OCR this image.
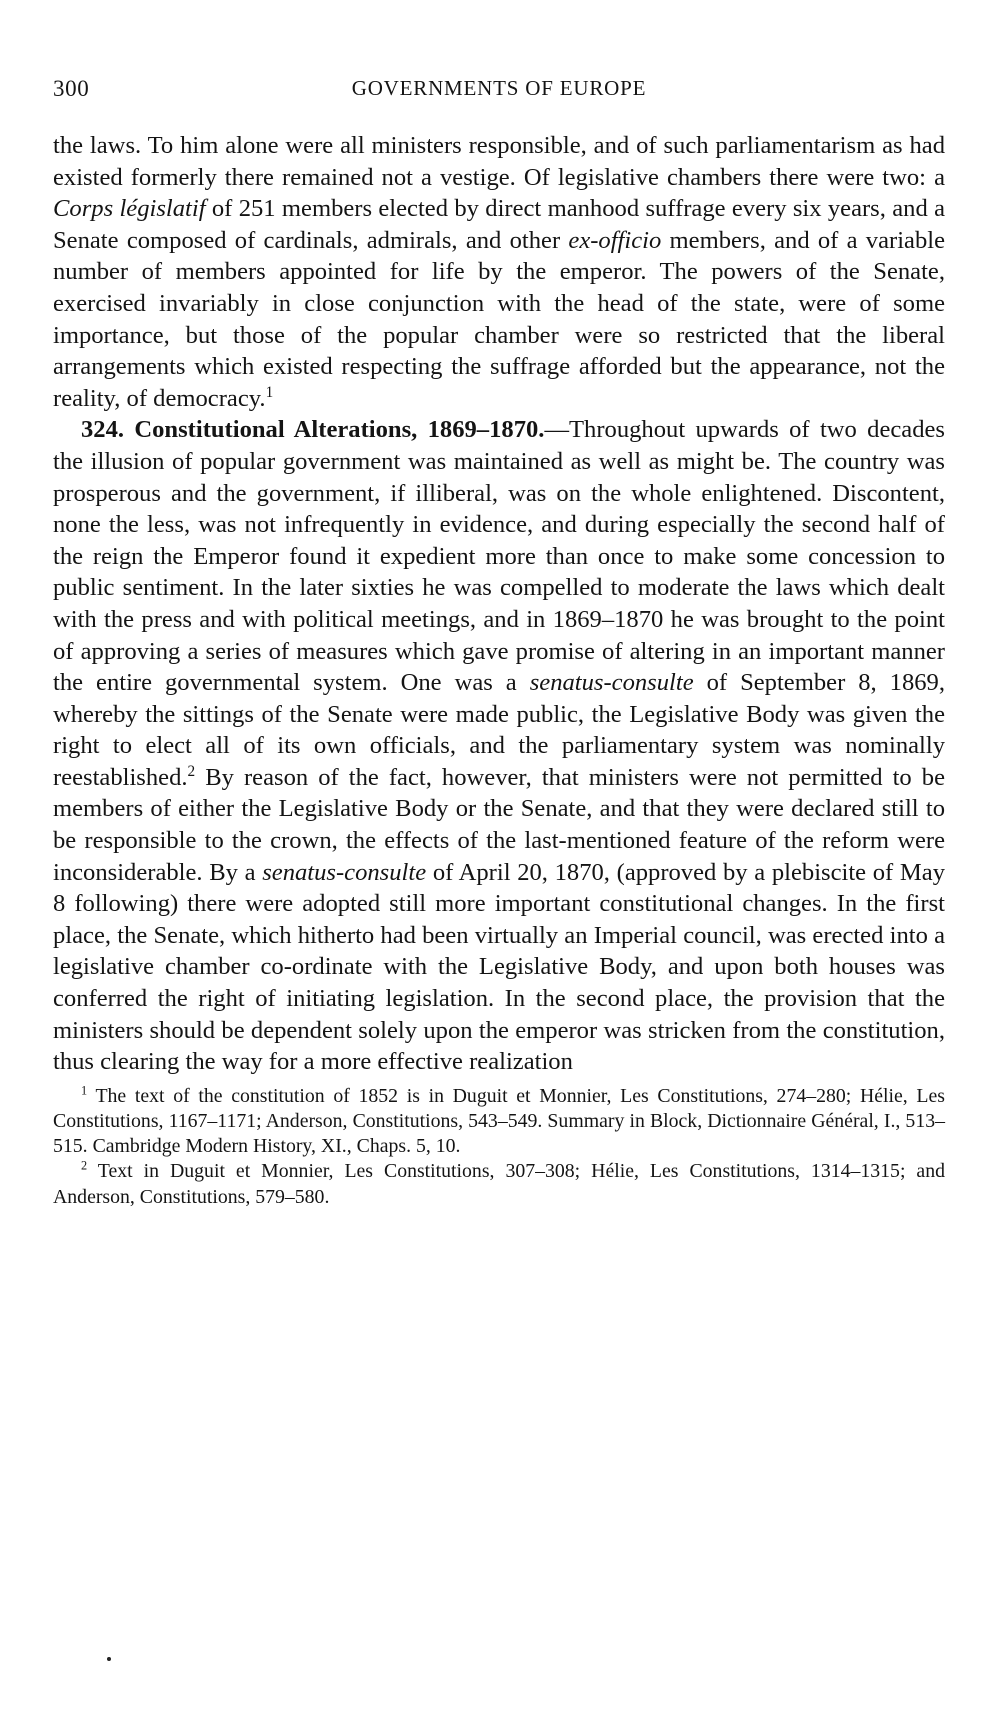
300	GOVERNMENTS OF EUROPE

the laws. To him alone were all ministers responsible, and of such parliamentarism as had existed formerly there remained not a vestige. Of legislative chambers there were two: a Corps législatif of 251 members elected by direct manhood suffrage every six years, and a Senate composed of cardinals, admirals, and other ex-officio members, and of a variable number of members appointed for life by the emperor. The powers of the Senate, exercised invariably in close conjunction with the head of the state, were of some importance, but those of the popular chamber were so restricted that the liberal arrangements which existed respecting the suffrage afforded but the appearance, not the reality, of democracy.$^1$

324. Constitutional Alterations, 1869–1870.—Throughout upwards of two decades the illusion of popular government was maintained as well as might be. The country was prosperous and the government, if illiberal, was on the whole enlightened. Discontent, none the less, was not infrequently in evidence, and during especially the second half of the reign the Emperor found it expedient more than once to make some concession to public sentiment. In the later sixties he was compelled to moderate the laws which dealt with the press and with political meetings, and in 1869–1870 he was brought to the point of approving a series of measures which gave promise of altering in an important manner the entire governmental system. One was a senatus-consulte of September 8, 1869, whereby the sittings of the Senate were made public, the Legislative Body was given the right to elect all of its own officials, and the parliamentary system was nominally reestablished.$^2$ By reason of the fact, however, that ministers were not permitted to be members of either the Legislative Body or the Senate, and that they were declared still to be responsible to the crown, the effects of the last-mentioned feature of the reform were inconsiderable. By a senatus-consulte of April 20, 1870, (approved by a plebiscite of May 8 following) there were adopted still more important constitutional changes. In the first place, the Senate, which hitherto had been virtually an Imperial council, was erected into a legislative chamber co-ordinate with the Legislative Body, and upon both houses was conferred the right of initiating legislation. In the second place, the provision that the ministers should be dependent solely upon the emperor was stricken from the constitution, thus clearing the way for a more effective realization

$^1$ The text of the constitution of 1852 is in Duguit et Monnier, Les Constitutions, 274–280; Hélie, Les Constitutions, 1167–1171; Anderson, Constitutions, 543–549. Summary in Block, Dictionnaire Général, I., 513–515. Cambridge Modern History, XI., Chaps. 5, 10.

$^2$ Text in Duguit et Monnier, Les Constitutions, 307–308; Hélie, Les Constitutions, 1314–1315; and Anderson, Constitutions, 579–580.
